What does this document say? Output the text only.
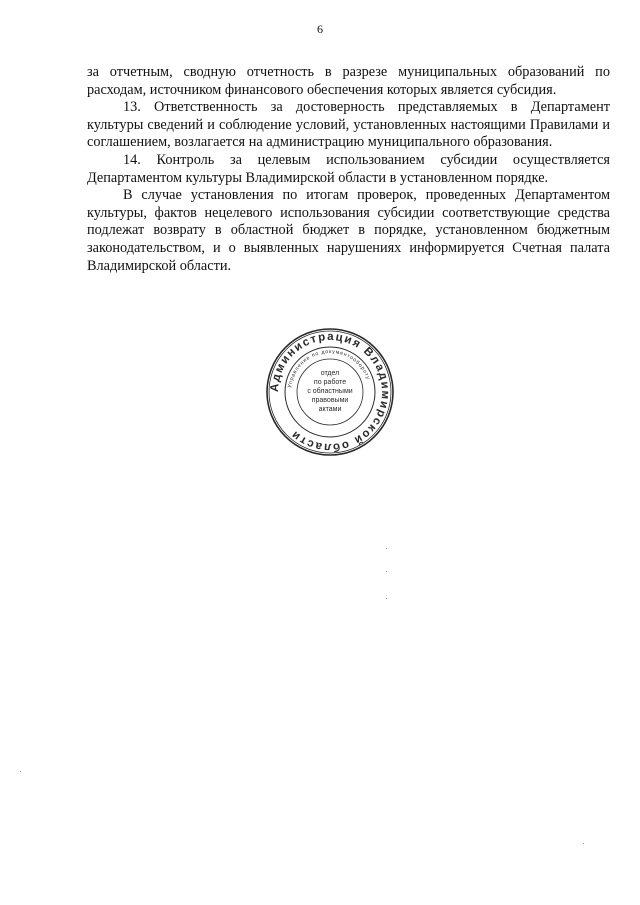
6

за отчетным, сводную отчетность в разрезе муниципальных образований по расходам, источником финансового обеспечения которых является субсидия.

13. Ответственность за достоверность представляемых в Департамент культуры сведений и соблюдение условий, установленных настоящими Правилами и соглашением, возлагается на администрацию муниципального образования.

14. Контроль за целевым использованием субсидии осуществляется Департаментом культуры Владимирской области в установленном порядке.

В случае установления по итогам проверок, проведенных Департаментом культуры, фактов нецелевого использования субсидии соответствующие средства подлежат возврату в областной бюджет в порядке, установленном бюджетным законодательством, и о выявленных нарушениях информируется Счетная палата Владимирской области.

Администрация Владимирской области
Управление по документообороту
отдел
по работе
с областными
правовыми
актами
